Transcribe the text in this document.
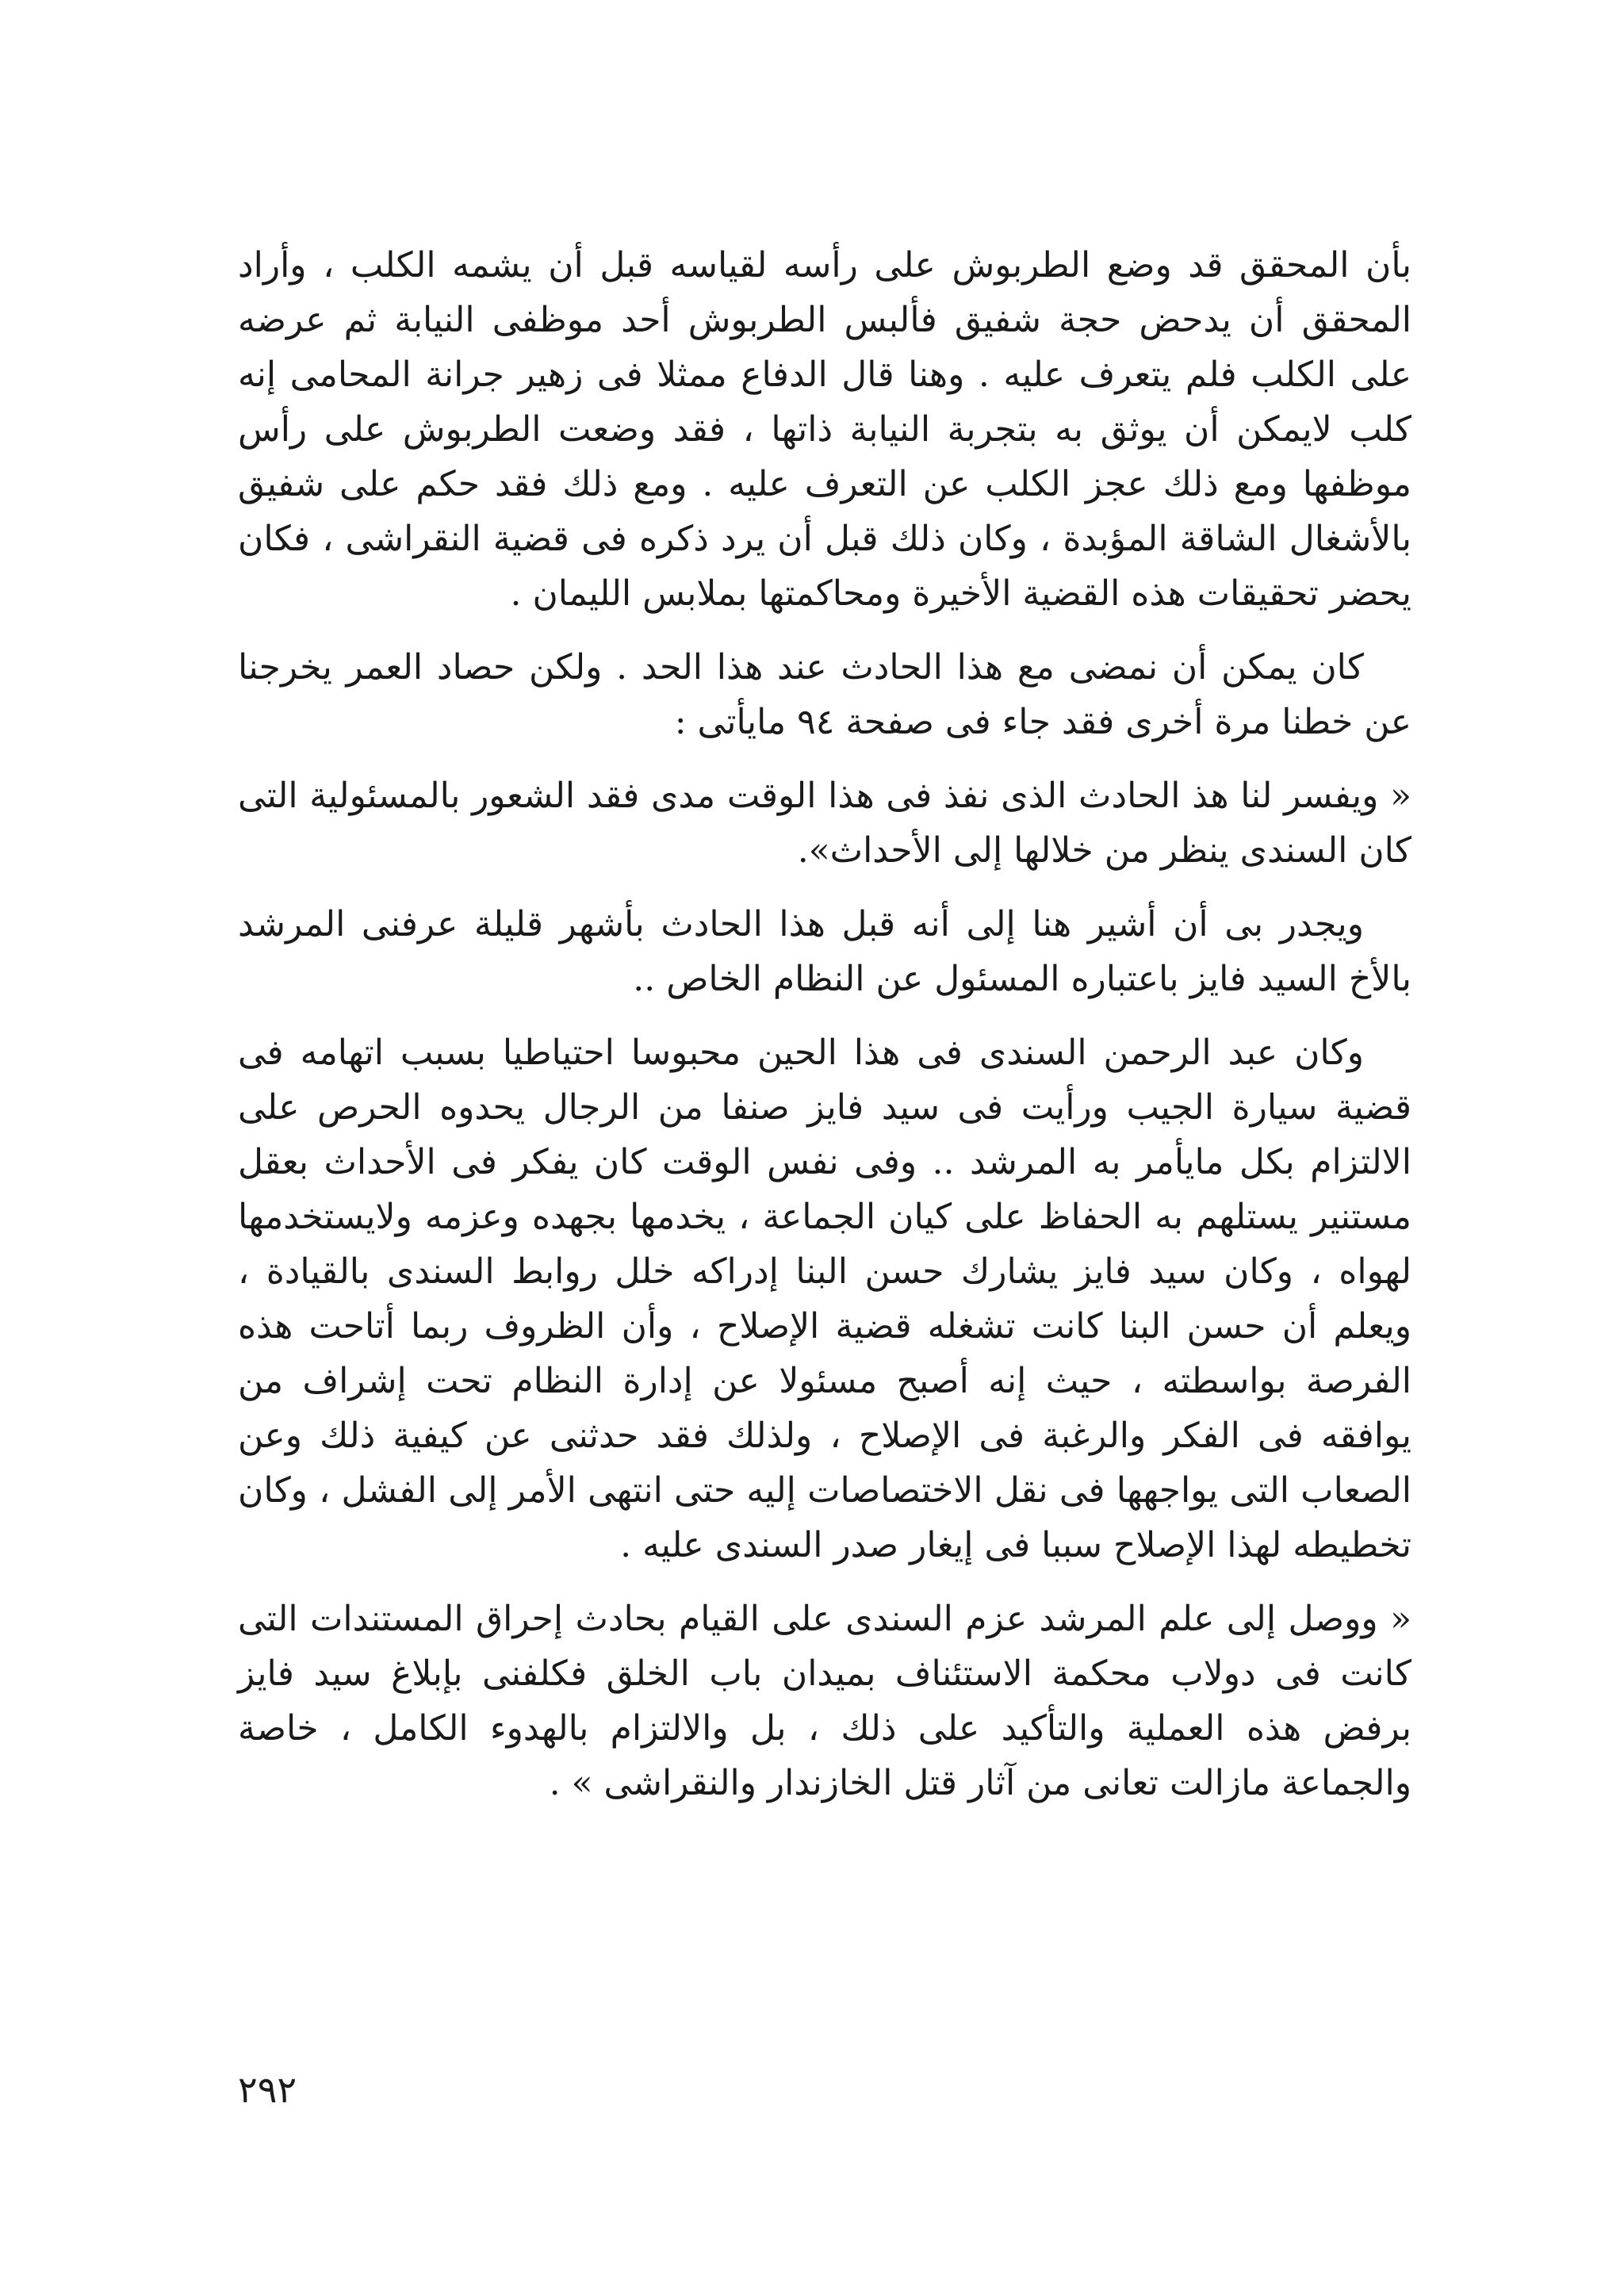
بأن المحقق قد وضع الطربوش على رأسه لقياسه قبل أن يشمه الكلب ، وأراد المحقق أن يدحض حجة شفيق فألبس الطربوش أحد موظفى النيابة ثم عرضه على الكلب فلم يتعرف عليه . وهنا قال الدفاع ممثلا فى زهير جرانة المحامى إنه كلب لايمكن أن يوثق به بتجربة النيابة ذاتها ، فقد وضعت الطربوش على رأس موظفها ومع ذلك عجز الكلب عن التعرف عليه . ومع ذلك فقد حكم على شفيق بالأشغال الشاقة المؤبدة ، وكان ذلك قبل أن يرد ذكره فى قضية النقراشى ، فكان يحضر تحقيقات هذه القضية الأخيرة ومحاكمتها بملابس الليمان .

كان يمكن أن نمضى مع هذا الحادث عند هذا الحد . ولكن حصاد العمر يخرجنا عن خطنا مرة أخرى فقد جاء فى صفحة ٩٤ مايأتى :

« ويفسر لنا هذ الحادث الذى نفذ فى هذا الوقت مدى فقد الشعور بالمسئولية التى كان السندى ينظر من خلالها إلى الأحداث».

ويجدر بى أن أشير هنا إلى أنه قبل هذا الحادث بأشهر قليلة عرفنى المرشد بالأخ السيد فايز باعتباره المسئول عن النظام الخاص ..

وكان عبد الرحمن السندى فى هذا الحين محبوسا احتياطيا بسبب اتهامه فى قضية سيارة الجيب ورأيت فى سيد فايز صنفا من الرجال يحدوه الحرص على الالتزام بكل مايأمر به المرشد .. وفى نفس الوقت كان يفكر فى الأحداث بعقل مستنير يستلهم به الحفاظ على كيان الجماعة ، يخدمها بجهده وعزمه ولايستخدمها لهواه ، وكان سيد فايز يشارك حسن البنا إدراكه خلل روابط السندى بالقيادة ، ويعلم أن حسن البنا كانت تشغله قضية الإصلاح ، وأن الظروف ربما أتاحت هذه الفرصة بواسطته ، حيث إنه أصبح مسئولا عن إدارة النظام تحت إشراف من يوافقه فى الفكر والرغبة فى الإصلاح ، ولذلك فقد حدثنى عن كيفية ذلك وعن الصعاب التى يواجهها فى نقل الاختصاصات إليه حتى انتهى الأمر إلى الفشل ، وكان تخطيطه لهذا الإصلاح سببا فى إيغار صدر السندى عليه .

« ووصل إلى علم المرشد عزم السندى على القيام بحادث إحراق المستندات التى كانت فى دولاب محكمة الاستئناف بميدان باب الخلق فكلفنى بإبلاغ سيد فايز برفض هذه العملية والتأكيد على ذلك ، بل والالتزام بالهدوء الكامل ، خاصة والجماعة مازالت تعانى من آثار قتل الخازندار والنقراشى » .

٢٩٢
